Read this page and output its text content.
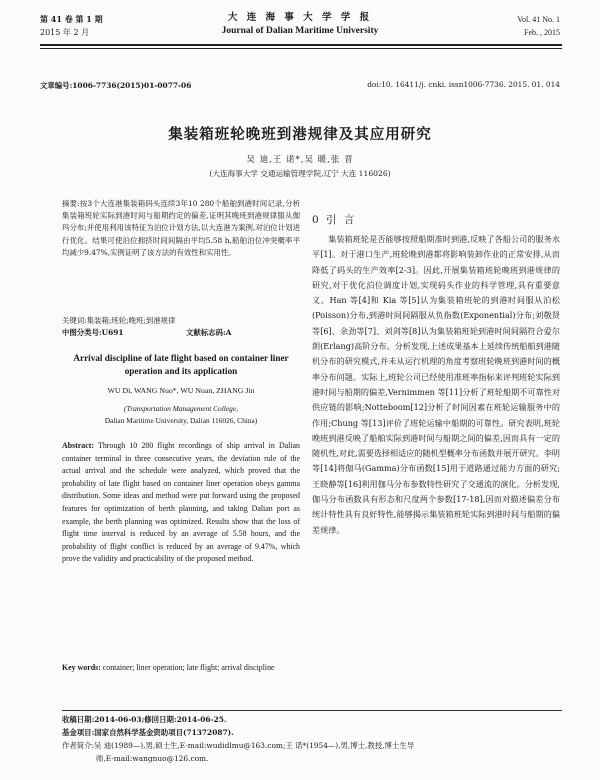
第 41 卷 第 1 期
2015 年 2 月
大 连 海 事 大 学 学 报
Journal of Dalian Maritime University
Vol. 41 No. 1
Feb. , 2015
文章编号:1006-7736(2015)01-0077-06	doi:10. 16411/j. cnki. issn1006-7736. 2015. 01. 014
集装箱班轮晚班到港规律及其应用研究
吴 迪,王 诺*,吴 暖,张 晋
(大连海事大学 交通运输管理学院,辽宁 大连 116026)
摘要:按3个大连港集装箱码头连续3年10 280个船舶到港时间记录,分析集装箱班轮实际到港时间与船期约定的偏差,证明其晚班到港规律服从伽玛分布;并使用利用该特征为泊位计划方法,以大连港为案例,对泊位计划进行优化。结果可使泊位拥挤时间间隔由平均5.58 h,船舶泊位冲突概率平均减少9.47%,实例证明了该方法的有效性和实用性。
关键词:集装箱;班轮;晚班;到港规律
中图分类号:U691	文献标志码:A
Arrival discipline of late flight based on container liner operation and its application
WU Di, WANG Nuo*, WU Nuan, ZHANG Jin
(Transportation Management College,
Dalian Maritime University, Dalian 116026, China)
Abstract: Through 10 280 flight recordings of ship arrival in Dalian container terminal in three consecutive years, the deviation rule of the actual arrival and the schedule were analyzed, which proved that the probability of late flight based on container liner operation obeys gamma distribution. Some ideas and method were put forward using the proposed features for optimization of berth planning, and taking Dalian port as example, the berth planning was optimized. Results show that the loss of flight time interval is reduced by an average of 5.58 hours, and the probability of flight conflict is reduced by an average of 9.47%, which prove the validity and practicability of the proposed method.
Key words: container; liner operation; late flight; arrival discipline
0 引 言
集装箱班轮是否能够按照船期准时到港,反映了各船公司的服务水平[1]。对于港口生产,班轮晚到港都将影响装卸作业的正常安排,从而降低了码头的生产效率[2-3]。因此,开展集装箱班轮晚班到港规律的研究,对于优化泊位调度计划,实现码头作业的科学管理,具有重要意义。Han 等[4]和 Kia 等[5]认为集装箱班轮的到港时间服从泊松(Poisson)分布,到港时间间隔服从负指数(Exponential)分布;刘敬贤等[6]、余劲等[7]、刘剑等[8]认为集装箱班轮到港时间间隔符合爱尔朗(Erlang)高阶分布。分析发现,上述成果基本上延续传统船舶到港随机分布的研究模式,并未从运行机理的角度考察班轮晚班到港时间的概率分布问题。实际上,班轮公司已经使用准班率指标来评判班轮实际到港时间与船期的偏差,Vernimmen 等[11]分析了班轮船期不可靠性对供应链的影响;Notteboom[12]分析了时间因素在班轮运输服务中的作用;Chung 等[13]评价了班轮运输中船期的可靠性。研究表明,班轮晚班到港反映了船舶实际到港时间与船期之间的偏差,因而具有一定的随机性,对此,需要选择相适应的随机型概率分布函数并展开研究。李明等[14]将伽马(Gamma)分布函数[15]用于道路通过能力方面的研究;王晓静等[16]利用伽马分布参数特性研究了交通流的演化。分析发现,伽马分布函数具有形态和尺度两个参数[17-18],因而对描述偏差分布统计特性具有良好特性,能够揭示集装箱班轮实际到港时间与船期的偏差规律。
收稿日期:2014-06-03;修回日期:2014-06-25.
基金项目:国家自然科学基金资助项目(71372087).
作者简介:吴 迪(1989—),男,硕士生,E-mail:wudidlmu@163.com;王 诺*(1954—),男,博士,教授,博士生导
师,E-mail:wangnuo@126.com.
